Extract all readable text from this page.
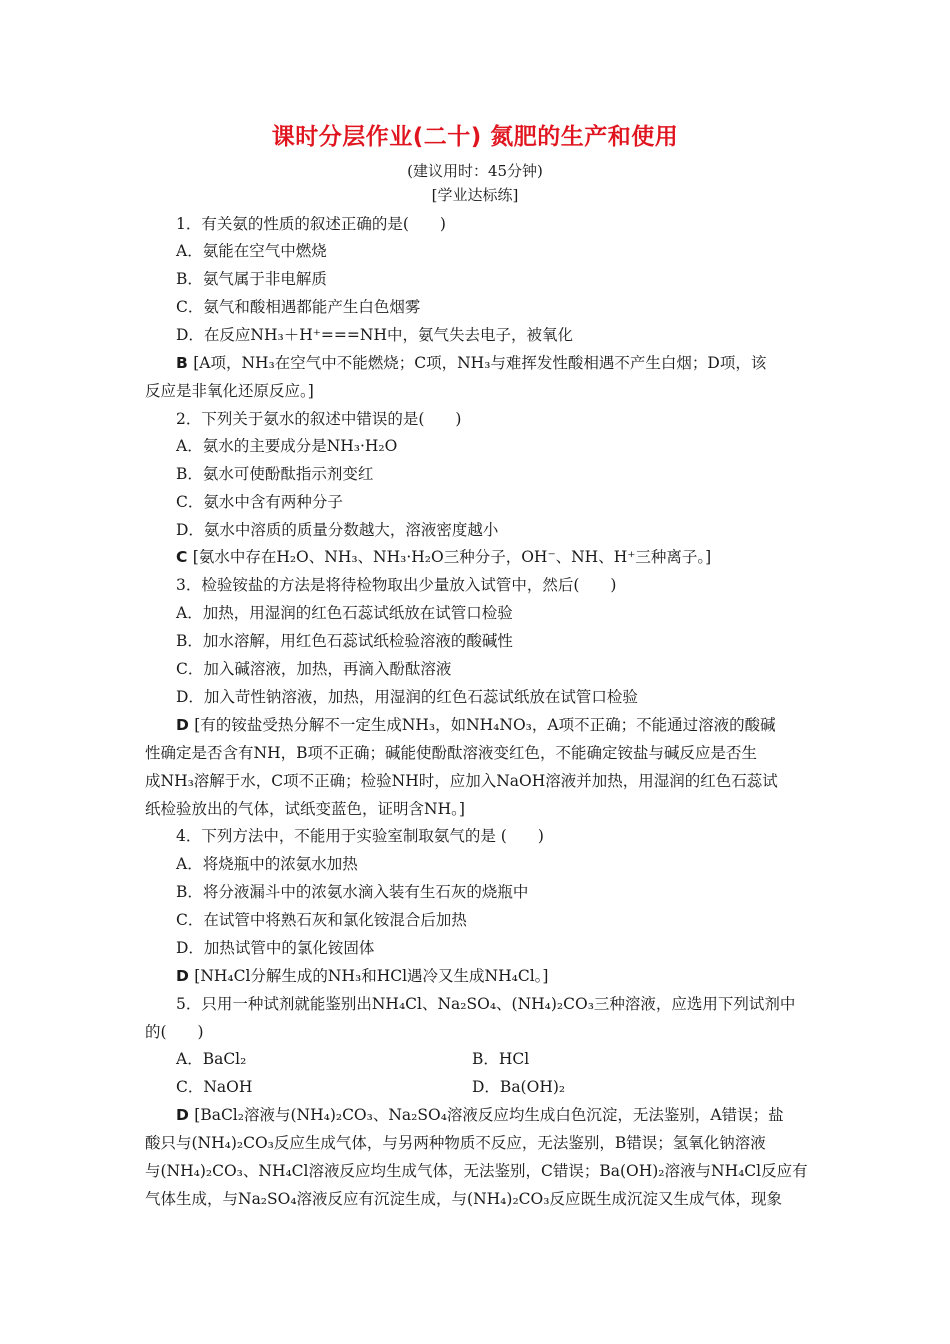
课时分层作业(二十) 氮肥的生产和使用
(建议用时：45分钟)
[学业达标练]
1．有关氨的性质的叙述正确的是(　　)
A．氨能在空气中燃烧
B．氨气属于非电解质
C．氨气和酸相遇都能产生白色烟雾
D．在反应NH₃＋H⁺===NH中，氨气失去电子，被氧化
B [A项，NH₃在空气中不能燃烧；C项，NH₃与难挥发性酸相遇不产生白烟；D项，该
反应是非氧化还原反应。]
2．下列关于氨水的叙述中错误的是(　　)
A．氨水的主要成分是NH₃·H₂O
B．氨水可使酚酞指示剂变红
C．氨水中含有两种分子
D．氨水中溶质的质量分数越大，溶液密度越小
C [氨水中存在H₂O、NH₃、NH₃·H₂O三种分子，OH⁻、NH、H⁺三种离子。]
3．检验铵盐的方法是将待检物取出少量放入试管中，然后(　　)
A．加热，用湿润的红色石蕊试纸放在试管口检验
B．加水溶解，用红色石蕊试纸检验溶液的酸碱性
C．加入碱溶液，加热，再滴入酚酞溶液
D．加入苛性钠溶液，加热，用湿润的红色石蕊试纸放在试管口检验
D [有的铵盐受热分解不一定生成NH₃，如NH₄NO₃，A项不正确；不能通过溶液的酸碱
性确定是否含有NH，B项不正确；碱能使酚酞溶液变红色，不能确定铵盐与碱反应是否生
成NH₃溶解于水，C项不正确；检验NH时，应加入NaOH溶液并加热，用湿润的红色石蕊试
纸检验放出的气体，试纸变蓝色，证明含NH。]
4．下列方法中，不能用于实验室制取氨气的是 (　　)
A．将烧瓶中的浓氨水加热
B．将分液漏斗中的浓氨水滴入装有生石灰的烧瓶中
C．在试管中将熟石灰和氯化铵混合后加热
D．加热试管中的氯化铵固体
D [NH₄Cl分解生成的NH₃和HCl遇冷又生成NH₄Cl。]
5．只用一种试剂就能鉴别出NH₄Cl、Na₂SO₄、(NH₄)₂CO₃三种溶液，应选用下列试剂中
的(　　)
A．BaCl₂	B．HCl
C．NaOH	D．Ba(OH)₂
D [BaCl₂溶液与(NH₄)₂CO₃、Na₂SO₄溶液反应均生成白色沉淀，无法鉴别，A错误；盐
酸只与(NH₄)₂CO₃反应生成气体，与另两种物质不反应，无法鉴别，B错误；氢氧化钠溶液
与(NH₄)₂CO₃、NH₄Cl溶液反应均生成气体，无法鉴别，C错误；Ba(OH)₂溶液与NH₄Cl反应有
气体生成，与Na₂SO₄溶液反应有沉淀生成，与(NH₄)₂CO₃反应既生成沉淀又生成气体，现象
